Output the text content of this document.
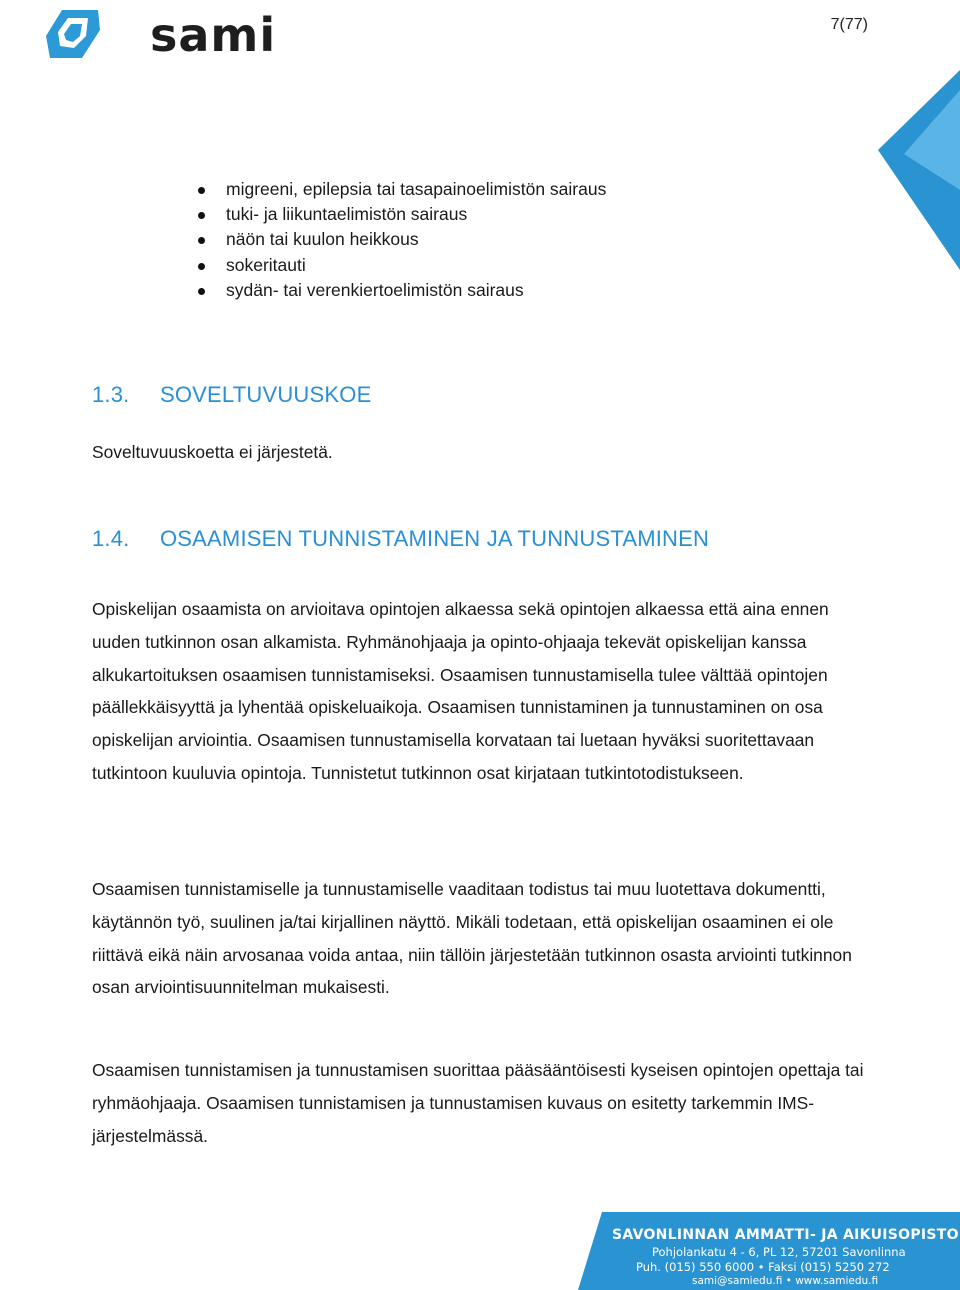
sami	7(77)
migreeni, epilepsia tai tasapainoelimistön sairaus
tuki- ja liikuntaelimistön sairaus
näön tai kuulon heikkous
sokeritauti
sydän- tai verenkiertoelimistön sairaus
1.3. SOVELTUVUUSKOE

Soveltuvuuskoetta ei järjestetä.

1.4. OSAAMISEN TUNNISTAMINEN JA TUNNUSTAMINEN

Opiskelijan osaamista on arvioitava opintojen alkaessa sekä opintojen alkaessa että aina ennen uuden tutkinnon osan alkamista. Ryhmänohjaaja ja opinto-ohjaaja tekevät opiskelijan kanssa alkukartoituksen osaamisen tunnistamiseksi. Osaamisen tunnustamisella tulee välttää opintojen päällekkäisyyttä ja lyhentää opiskeluaikoja. Osaamisen tunnistaminen ja tunnustaminen on osa opiskelijan arviointia. Osaamisen tunnustamisella korvataan tai luetaan hyväksi suoritettavaan tutkintoon kuuluvia opintoja. Tunnistetut tutkinnon osat kirjataan tutkintotodistukseen.

Osaamisen tunnistamiselle ja tunnustamiselle vaaditaan todistus tai muu luotettava dokumentti, käytännön työ, suulinen ja/tai kirjallinen näyttö. Mikäli todetaan, että opiskelijan osaaminen ei ole riittävä eikä näin arvosanaa voida antaa, niin tällöin järjestetään tutkinnon osasta arviointi tutkinnon osan arviointisuunnitelman mukaisesti.

Osaamisen tunnistamisen ja tunnustamisen suorittaa pääsääntöisesti kyseisen opintojen opettaja tai ryhmäohjaaja. Osaamisen tunnistamisen ja tunnustamisen kuvaus on esitetty tarkemmin IMS-järjestelmässä.

SAVONLINNAN AMMATTI- JA AIKUISOPISTO
Pohjolankatu 4 - 6, PL 12, 57201 Savonlinna
Puh. (015) 550 6000 • Faksi (015) 5250 272
sami@samiedu.fi • www.samiedu.fi
